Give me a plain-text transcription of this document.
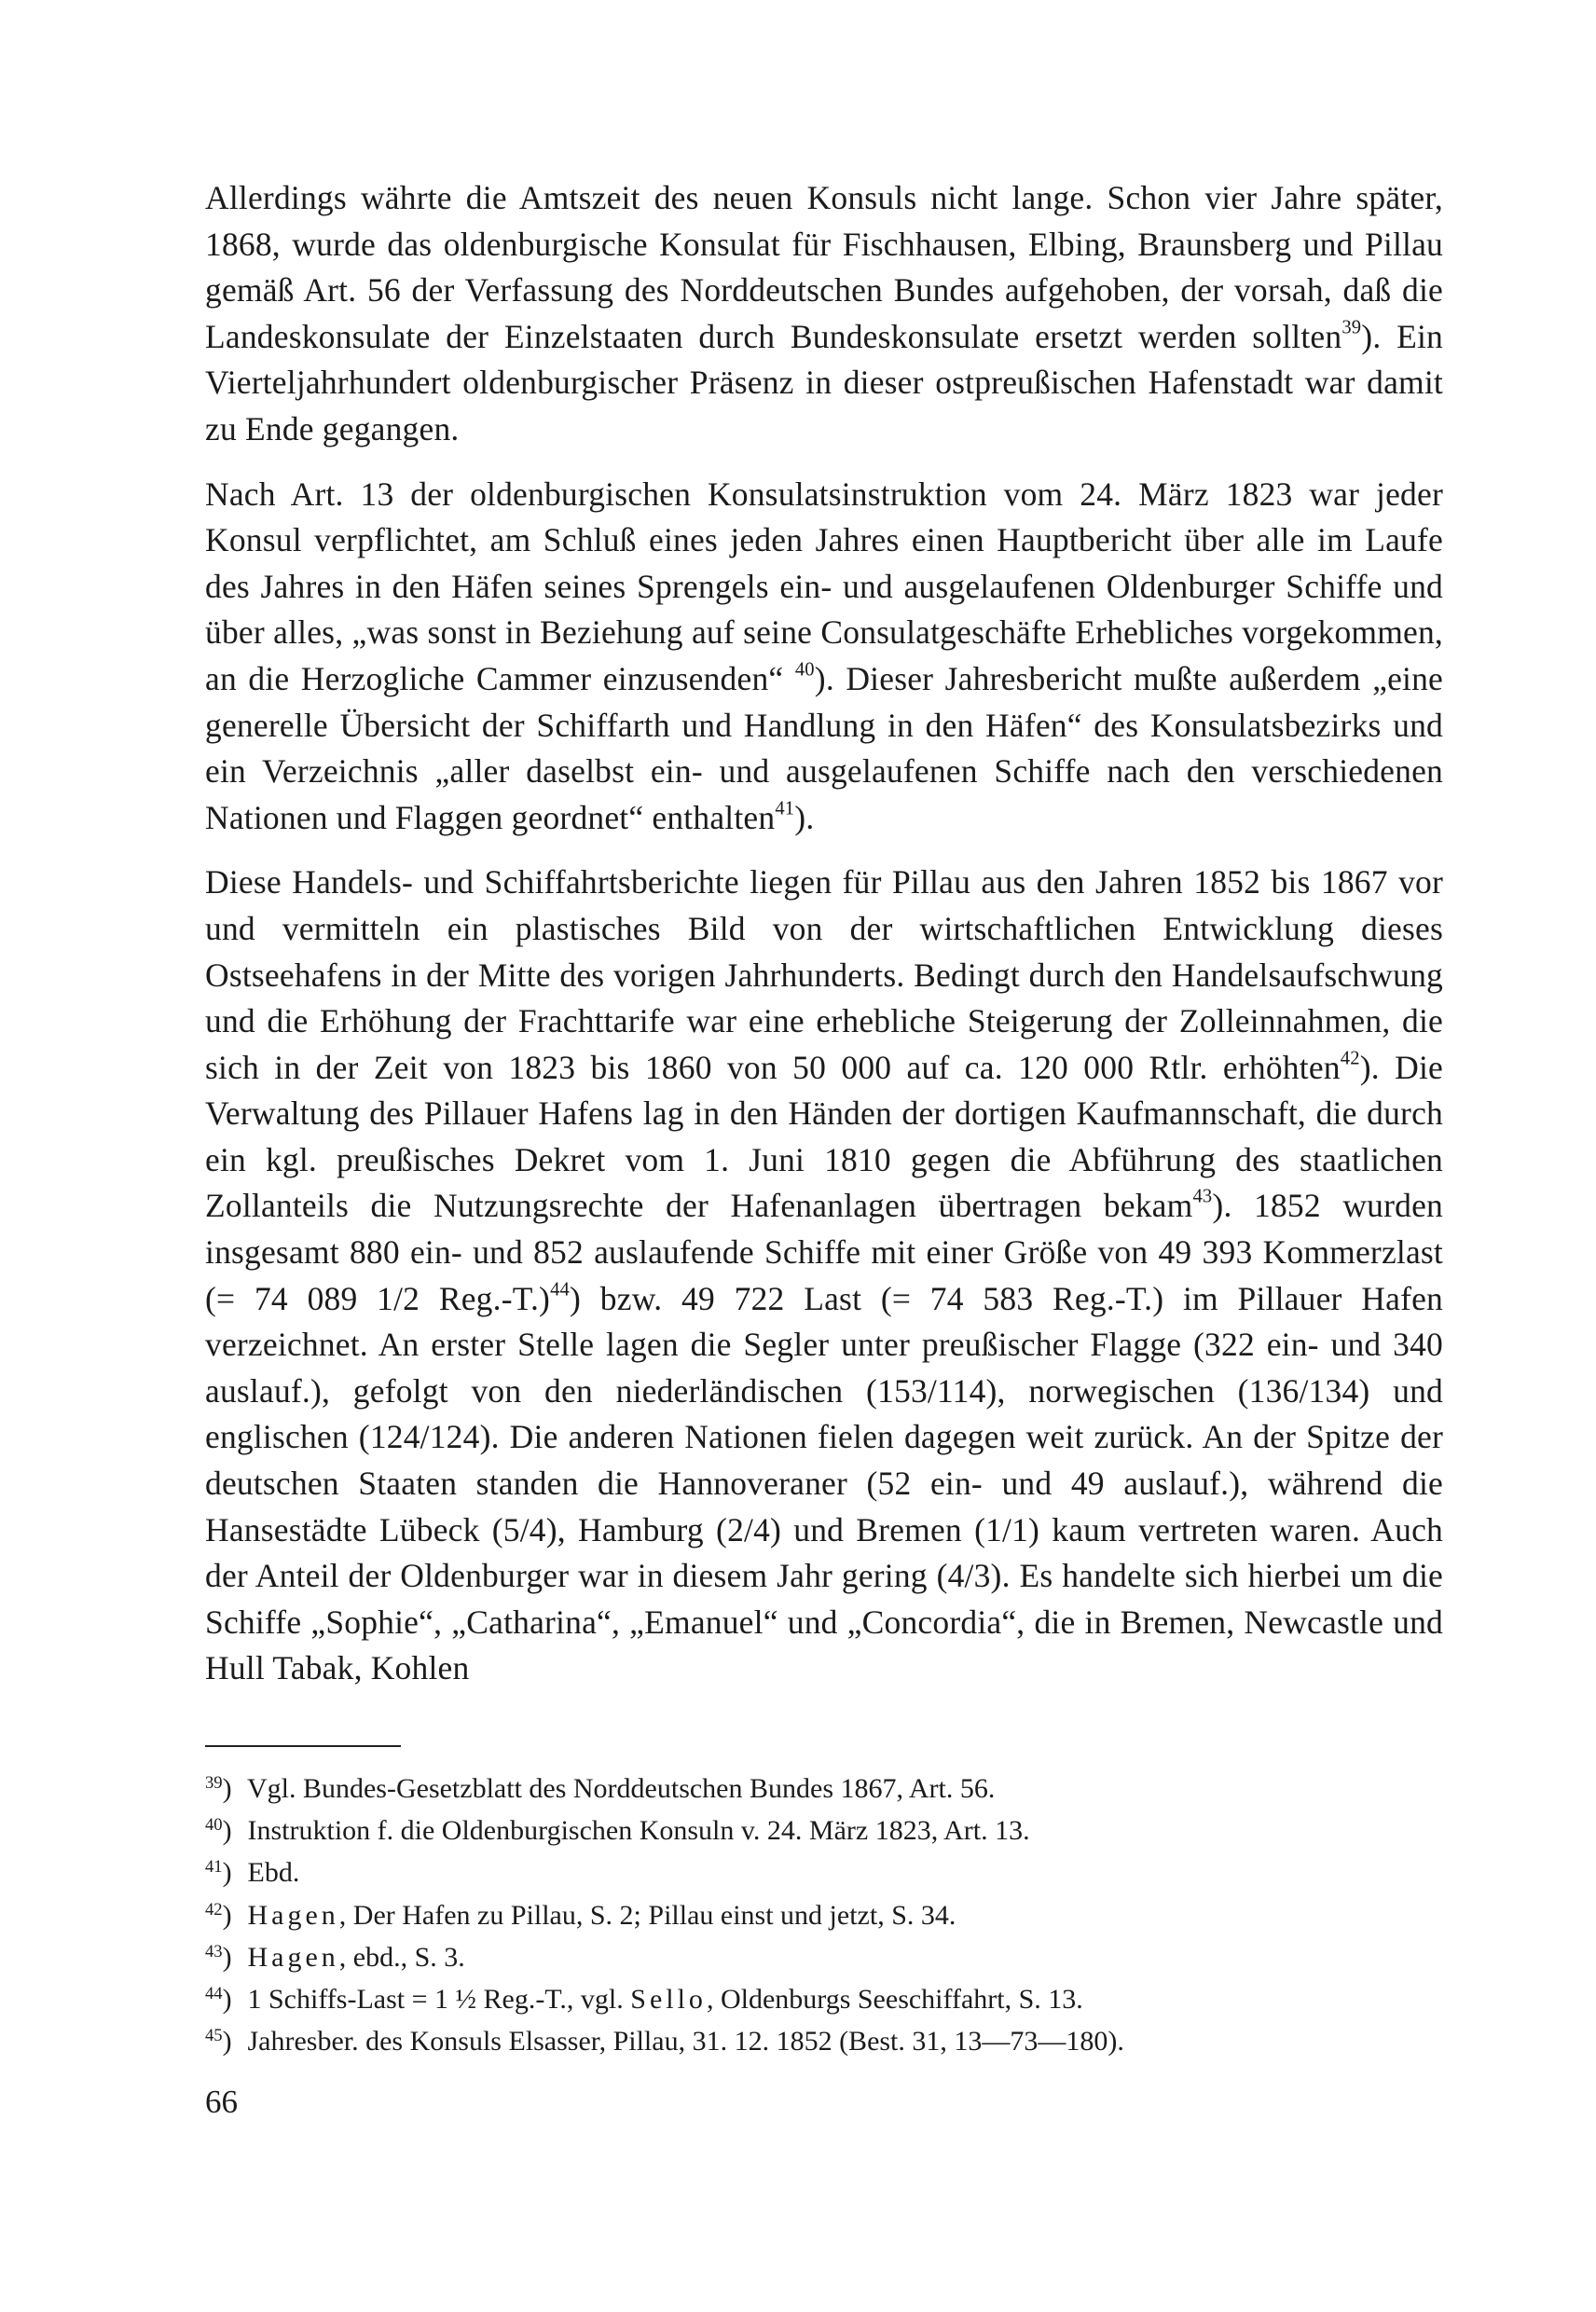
Allerdings währte die Amtszeit des neuen Konsuls nicht lange. Schon vier Jahre später, 1868, wurde das oldenburgische Konsulat für Fischhausen, Elbing, Braunsberg und Pillau gemäß Art. 56 der Verfassung des Norddeutschen Bundes aufgehoben, der vorsah, daß die Landeskonsulate der Einzelstaaten durch Bundeskonsulate ersetzt werden sollten$^{39}$). Ein Vierteljahrhundert oldenburgischer Präsenz in dieser ostpreußischen Hafenstadt war damit zu Ende gegangen.

Nach Art. 13 der oldenburgischen Konsulatsinstruktion vom 24. März 1823 war jeder Konsul verpflichtet, am Schluß eines jeden Jahres einen Hauptbericht über alle im Laufe des Jahres in den Häfen seines Sprengels ein- und ausgelaufenen Oldenburger Schiffe und über alles, „was sonst in Beziehung auf seine Consulatgeschäfte Erhebliches vorgekommen, an die Herzogliche Cammer einzusenden“ $^{40}$). Dieser Jahresbericht mußte außerdem „eine generelle Übersicht der Schiffarth und Handlung in den Häfen“ des Konsulatsbezirks und ein Verzeichnis „aller daselbst ein- und ausgelaufenen Schiffe nach den verschiedenen Nationen und Flaggen geordnet“ enthalten$^{41}$).

Diese Handels- und Schiffahrtsberichte liegen für Pillau aus den Jahren 1852 bis 1867 vor und vermitteln ein plastisches Bild von der wirtschaftlichen Entwicklung dieses Ostseehafens in der Mitte des vorigen Jahrhunderts. Bedingt durch den Handelsaufschwung und die Erhöhung der Frachttarife war eine erhebliche Steigerung der Zolleinnahmen, die sich in der Zeit von 1823 bis 1860 von 50 000 auf ca. 120 000 Rtlr. erhöhten$^{42}$). Die Verwaltung des Pillauer Hafens lag in den Händen der dortigen Kaufmannschaft, die durch ein kgl. preußisches Dekret vom 1. Juni 1810 gegen die Abführung des staatlichen Zollanteils die Nutzungsrechte der Hafenanlagen übertragen bekam$^{43}$). 1852 wurden insgesamt 880 ein- und 852 auslaufende Schiffe mit einer Größe von 49 393 Kommerzlast (= 74 089 1/2 Reg.-T.)$^{44}$) bzw. 49 722 Last (= 74 583 Reg.-T.) im Pillauer Hafen verzeichnet. An erster Stelle lagen die Segler unter preußischer Flagge (322 ein- und 340 auslauf.), gefolgt von den niederländischen (153/114), norwegischen (136/134) und englischen (124/124). Die anderen Nationen fielen dagegen weit zurück. An der Spitze der deutschen Staaten standen die Hannoveraner (52 ein- und 49 auslauf.), während die Hansestädte Lübeck (5/4), Hamburg (2/4) und Bremen (1/1) kaum vertreten waren. Auch der Anteil der Oldenburger war in diesem Jahr gering (4/3). Es handelte sich hierbei um die Schiffe „Sophie“, „Catharina“, „Emanuel“ und „Concordia“, die in Bremen, Newcastle und Hull Tabak, Kohlen

$^{39}$) Vgl. Bundes-Gesetzblatt des Norddeutschen Bundes 1867, Art. 56.
$^{40}$) Instruktion f. die Oldenburgischen Konsuln v. 24. März 1823, Art. 13.
$^{41}$) Ebd.
$^{42}$) Hagen, Der Hafen zu Pillau, S. 2; Pillau einst und jetzt, S. 34.
$^{43}$) Hagen, ebd., S. 3.
$^{44}$) 1 Schiffs-Last = 1 ½ Reg.-T., vgl. Sello, Oldenburgs Seeschiffahrt, S. 13.
$^{45}$) Jahresber. des Konsuls Elsasser, Pillau, 31. 12. 1852 (Best. 31, 13—73—180).
66
